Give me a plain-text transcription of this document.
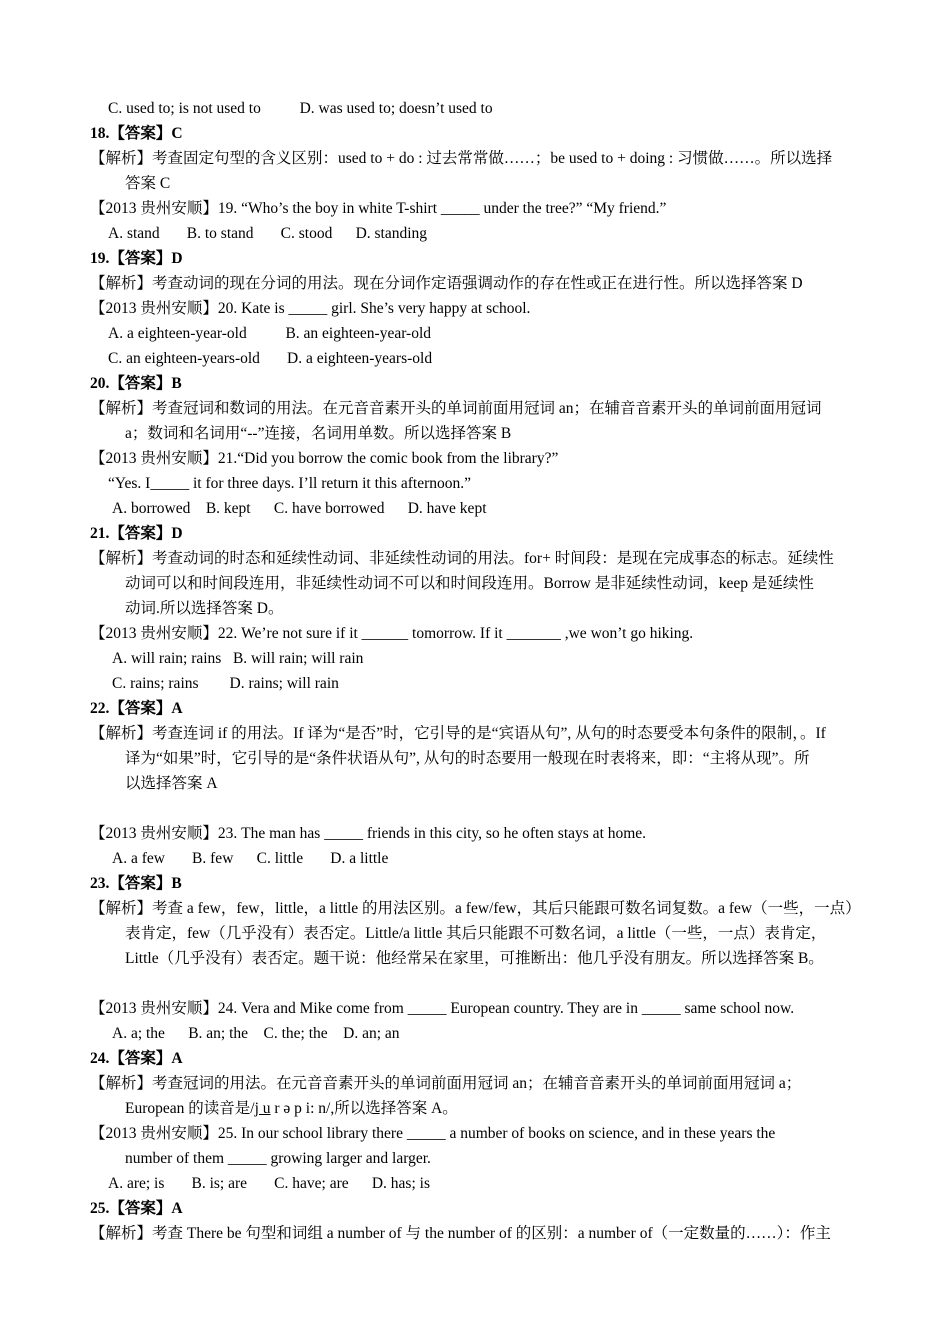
C. used to; is not used to          D. was used to; doesn’t used to
18.【答案】C
【解析】考查固定句型的含义区别：used to + do : 过去常常做……；be used to + doing : 习惯做……。所以选择
答案 C
【2013 贵州安顺】19. “Who’s the boy in white T-shirt _____ under the tree?” “My friend.”
A. stand       B. to stand       C. stood      D. standing
19.【答案】D
【解析】考查动词的现在分词的用法。现在分词作定语强调动作的存在性或正在进行性。所以选择答案 D
【2013 贵州安顺】20. Kate is _____ girl. She’s very happy at school.
A. a eighteen-year-old          B. an eighteen-year-old
C. an eighteen-years-old       D. a eighteen-years-old
20.【答案】B
【解析】考查冠词和数词的用法。在元音音素开头的单词前面用冠词 an；在辅音音素开头的单词前面用冠词
a；数词和名词用“--”连接，名词用单数。所以选择答案 B
【2013 贵州安顺】21.“Did you borrow the comic book from the library?”
“Yes. I_____ it for three days. I’ll return it this afternoon.”
A. borrowed    B. kept      C. have borrowed      D. have kept
21.【答案】D
【解析】考查动词的时态和延续性动词、非延续性动词的用法。for+ 时间段：是现在完成事态的标志。延续性
动词可以和时间段连用，非延续性动词不可以和时间段连用。Borrow 是非延续性动词，keep 是延续性
动词.所以选择答案 D。
【2013 贵州安顺】22. We’re not sure if it ______ tomorrow. If it _______ ,we won’t go hiking.
A. will rain; rains   B. will rain; will rain
C. rains; rains        D. rains; will rain
22.【答案】A
【解析】考查连词 if 的用法。If 译为“是否”时，它引导的是“宾语从句”, 从句的时态要受本句条件的限制，。If
译为“如果”时，它引导的是“条件状语从句”, 从句的时态要用一般现在时表将来，即：“主将从现”。所
以选择答案 A
【2013 贵州安顺】23. The man has _____ friends in this city, so he often stays at home.
A. a few       B. few      C. little       D. a little
23.【答案】B
【解析】考查 a few，few，little，a little 的用法区别。a few/few，其后只能跟可数名词复数。a few（一些，一点）
表肯定，few（几乎没有）表否定。Little/a little 其后只能跟不可数名词，a little（一些，一点）表肯定，
Little（几乎没有）表否定。题干说：他经常呆在家里，可推断出：他几乎没有朋友。所以选择答案 B。
【2013 贵州安顺】24. Vera and Mike come from _____ European country. They are in _____ same school now.
A. a; the      B. an; the    C. the; the    D. an; an
24.【答案】A
【解析】考查冠词的用法。在元音音素开头的单词前面用冠词 an；在辅音音素开头的单词前面用冠词 a；
European 的读音是/j u r ə p i: n/,所以选择答案 A。
【2013 贵州安顺】25. In our school library there _____ a number of books on science, and in these years the
number of them _____ growing larger and larger.
A. are; is       B. is; are       C. have; are      D. has; is
25.【答案】A
【解析】考查 There be 句型和词组 a number of 与 the number of 的区别：a number of（一定数量的……）：作主
